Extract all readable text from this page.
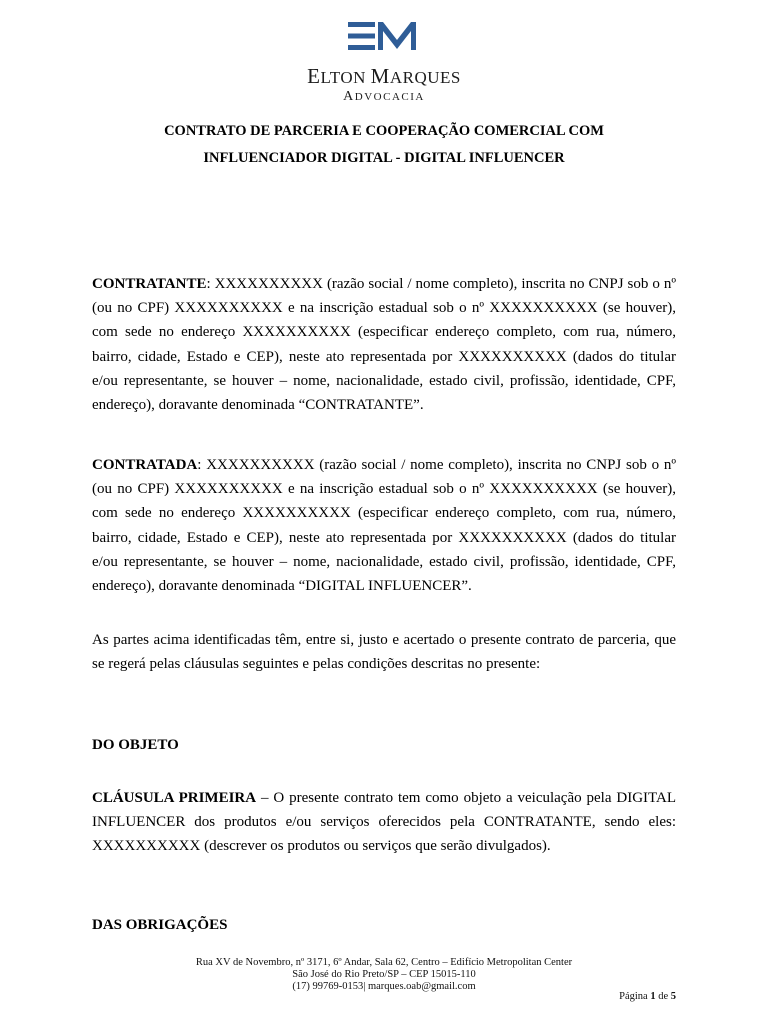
ELTON MARQUES
ADVOCACIA
CONTRATO DE PARCERIA E COOPERAÇÃO COMERCIAL COM
INFLUENCIADOR DIGITAL - DIGITAL INFLUENCER

CONTRATANTE: XXXXXXXXXX (razão social / nome completo), inscrita no CNPJ sob o nº (ou no CPF) XXXXXXXXXX e na inscrição estadual sob o nº XXXXXXXXXX (se houver), com sede no endereço XXXXXXXXXX (especificar endereço completo, com rua, número, bairro, cidade, Estado e CEP), neste ato representada por XXXXXXXXXX (dados do titular e/ou representante, se houver – nome, nacionalidade, estado civil, profissão, identidade, CPF, endereço), doravante denominada “CONTRATANTE”.

CONTRATADA: XXXXXXXXXX (razão social / nome completo), inscrita no CNPJ sob o nº (ou no CPF) XXXXXXXXXX e na inscrição estadual sob o nº XXXXXXXXXX (se houver), com sede no endereço XXXXXXXXXX (especificar endereço completo, com rua, número, bairro, cidade, Estado e CEP), neste ato representada por XXXXXXXXXX (dados do titular e/ou representante, se houver – nome, nacionalidade, estado civil, profissão, identidade, CPF, endereço), doravante denominada “DIGITAL INFLUENCER”.

As partes acima identificadas têm, entre si, justo e acertado o presente contrato de parceria, que se regerá pelas cláusulas seguintes e pelas condições descritas no presente:

DO OBJETO

CLÁUSULA PRIMEIRA – O presente contrato tem como objeto a veiculação pela DIGITAL INFLUENCER dos produtos e/ou serviços oferecidos pela CONTRATANTE, sendo eles: XXXXXXXXXX (descrever os produtos ou serviços que serão divulgados).

DAS OBRIGAÇÕES
Rua XV de Novembro, nº 3171, 6º Andar, Sala 62, Centro – Edifício Metropolitan Center
São José do Rio Preto/SP – CEP 15015-110
(17) 99769-0153| marques.oab@gmail.com
Página 1 de 5
